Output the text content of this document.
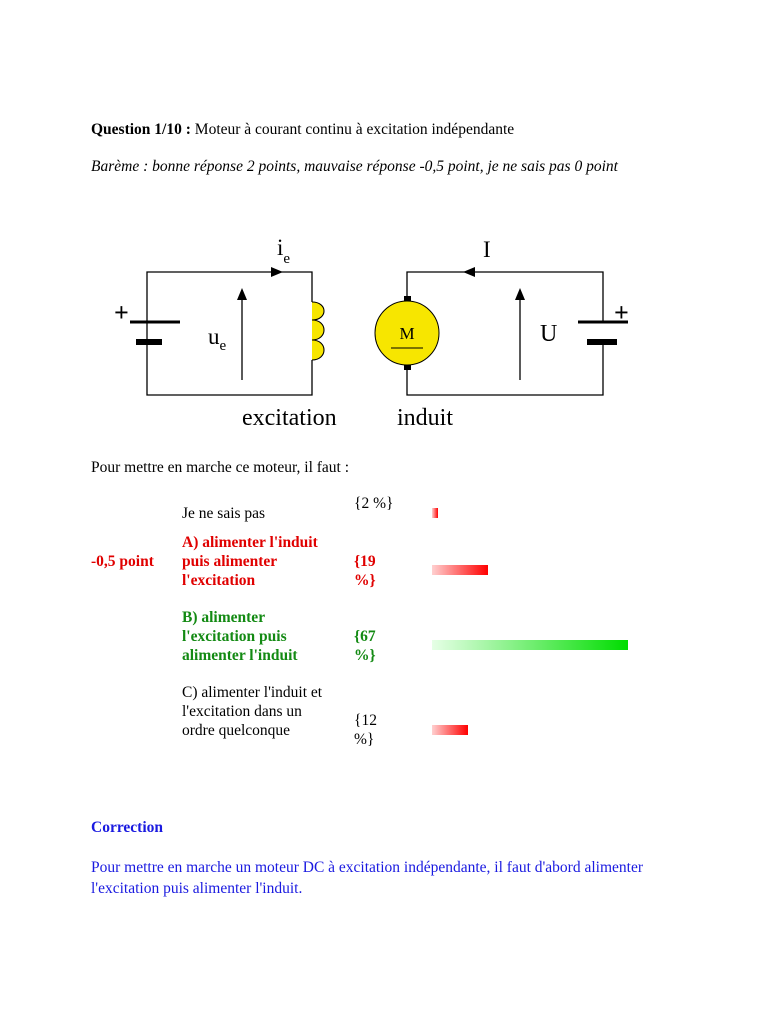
Question 1/10 : Moteur à courant continu à excitation indépendante
Barème : bonne réponse 2 points, mauvaise réponse -0,5 point, je ne sais pas 0 point
+
$u_e$
$i_e$
M
I
U
+
excitation	induit
Pour mettre en marche ce moteur, il faut :
Je ne sais pas
{2 %}
-0,5 point
A) alimenter l'induit puis alimenter l'excitation
{19 %}
B) alimenter l'excitation puis alimenter l'induit
{67 %}
C) alimenter l'induit et l'excitation dans un ordre quelconque
{12 %}
Correction
Pour mettre en marche un moteur DC à excitation indépendante, il faut d'abord alimenter l'excitation puis alimenter l'induit.
